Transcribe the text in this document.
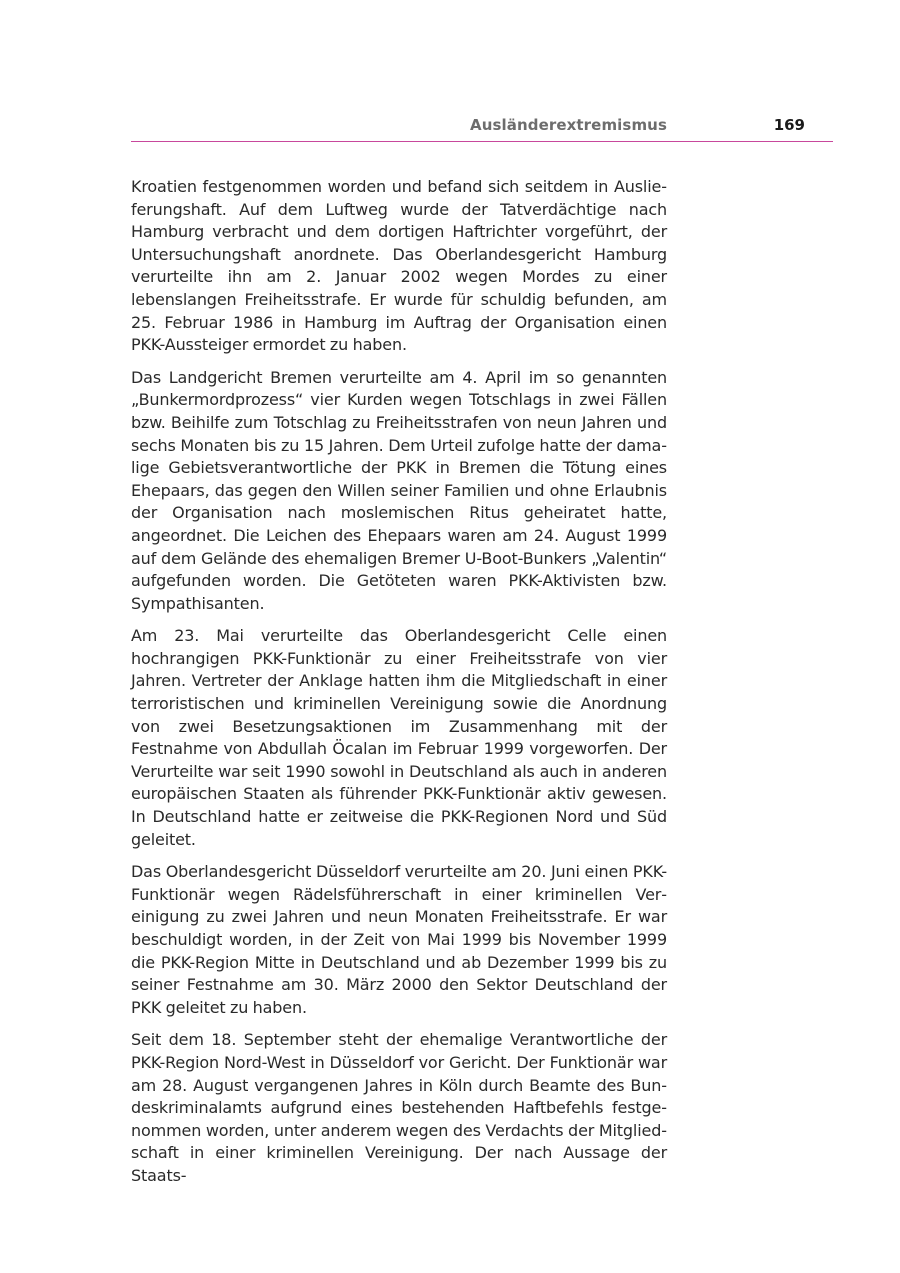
Ausländerextremismus	169

Kroatien festgenommen worden und befand sich seitdem in Auslieferungshaft. Auf dem Luftweg wurde der Tatverdächtige nach Hamburg verbracht und dem dortigen Haftrichter vorgeführt, der Untersuchungshaft anordnete. Das Oberlandesgericht Hamburg verurteilte ihn am 2. Januar 2002 wegen Mordes zu einer lebenslangen Freiheitsstrafe. Er wurde für schuldig befunden, am 25. Februar 1986 in Hamburg im Auftrag der Organisation einen PKK-Aussteiger ermordet zu haben.

Das Landgericht Bremen verurteilte am 4. April im so genannten „Bunkermordprozess“ vier Kurden wegen Totschlags in zwei Fällen bzw. Beihilfe zum Totschlag zu Freiheitsstrafen von neun Jahren und sechs Monaten bis zu 15 Jahren. Dem Urteil zufolge hatte der damalige Gebietsverantwortliche der PKK in Bremen die Tötung eines Ehepaars, das gegen den Willen seiner Familien und ohne Erlaubnis der Organisation nach moslemischen Ritus geheiratet hatte, angeordnet. Die Leichen des Ehepaars waren am 24. August 1999 auf dem Gelände des ehemaligen Bremer U-Boot-Bunkers „Valentin“ aufgefunden worden. Die Getöteten waren PKK-Aktivisten bzw. Sympathisanten.

Am 23. Mai verurteilte das Oberlandesgericht Celle einen hochrangigen PKK-Funktionär zu einer Freiheitsstrafe von vier Jahren. Vertreter der Anklage hatten ihm die Mitgliedschaft in einer terroristischen und kriminellen Vereinigung sowie die Anordnung von zwei Besetzungsaktionen im Zusammenhang mit der Festnahme von Abdullah Öcalan im Februar 1999 vorgeworfen. Der Verurteilte war seit 1990 sowohl in Deutschland als auch in anderen europäischen Staaten als führender PKK-Funktionär aktiv gewesen. In Deutschland hatte er zeitweise die PKK-Regionen Nord und Süd geleitet.

Das Oberlandesgericht Düsseldorf verurteilte am 20. Juni einen PKK-Funktionär wegen Rädelsführerschaft in einer kriminellen Vereinigung zu zwei Jahren und neun Monaten Freiheitsstrafe. Er war beschuldigt worden, in der Zeit von Mai 1999 bis November 1999 die PKK-Region Mitte in Deutschland und ab Dezember 1999 bis zu seiner Festnahme am 30. März 2000 den Sektor Deutschland der PKK geleitet zu haben.

Seit dem 18. September steht der ehemalige Verantwortliche der PKK-Region Nord-West in Düsseldorf vor Gericht. Der Funktionär war am 28. August vergangenen Jahres in Köln durch Beamte des Bundeskriminalamts aufgrund eines bestehenden Haftbefehls festgenommen worden, unter anderem wegen des Verdachts der Mitgliedschaft in einer kriminellen Vereinigung. Der nach Aussage der Staats-
